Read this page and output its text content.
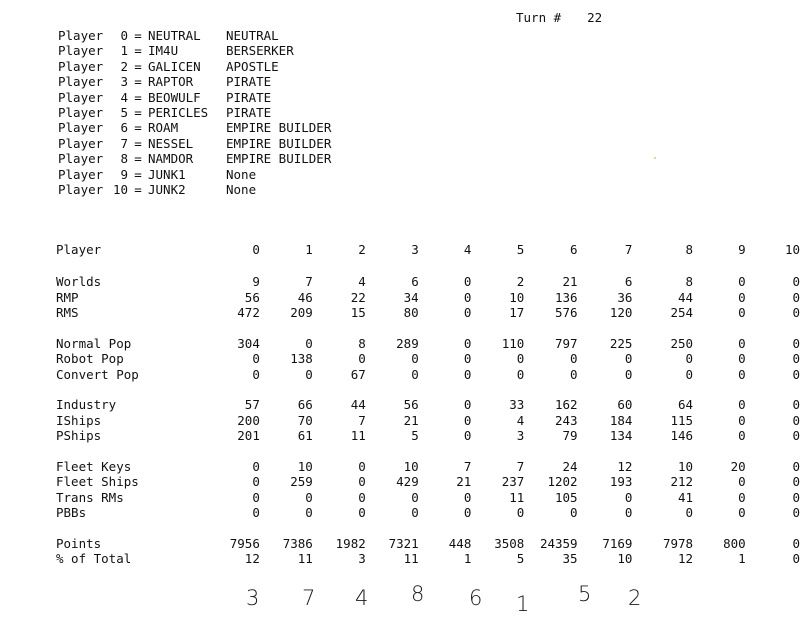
Turn # 22
Player 0 = NEUTRAL NEUTRAL
Player 1 = IM4U	BERSERKER
Player 2 = GALICEN APOSTLE
Player 3 = RAPTOR	PIRATE
Player 4 = BEOWULF PIRATE
Player 5 = PERICLES PIRATE
Player 6 = ROAM	EMPIRE BUILDER
Player 7 = NESSEL	EMPIRE BUILDER
Player 8 = NAMDOR	EMPIRE BUILDER
Player 9 = JUNK1	None
Player 10 = JUNK2	None
Player	0	1	2	3	4	5	6	7	8	9	10

Worlds	9	7	4	6	0	2	21	6	8	0	0
RMP	56	46	22	34	0	10	136	36	44	0	0
RMS	472	209	15	80	0	17	576	120	254	0	0

Normal Pop	304	0	8	289	0	110	797	225	250	0	0
Robot Pop	0	138	0	0	0	0	0	0	0	0	0
Convert Pop	0	0	67	0	0	0	0	0	0	0	0

Industry	57	66	44	56	0	33	162	60	64	0	0
IShips	200	70	7	21	0	4	243	184	115	0	0
PShips	201	61	11	5	0	3	79	134	146	0	0

Fleet Keys	0	10	0	10	7	7	24	12	10	20	0
Fleet Ships	0	259	0	429	21	237	1202	193	212	0	0
Trans RMs	0	0	0	0	0	11	105	0	41	0	0
PBBs	0	0	0	0	0	0	0	0	0	0	0

Points	7956	7386	1982	7321	448	3508	24359	7169	7978	800	0
% of Total	12	11	3	11	1	5	35	10	12	1	0
3 7 4 8 6 1 5 2
